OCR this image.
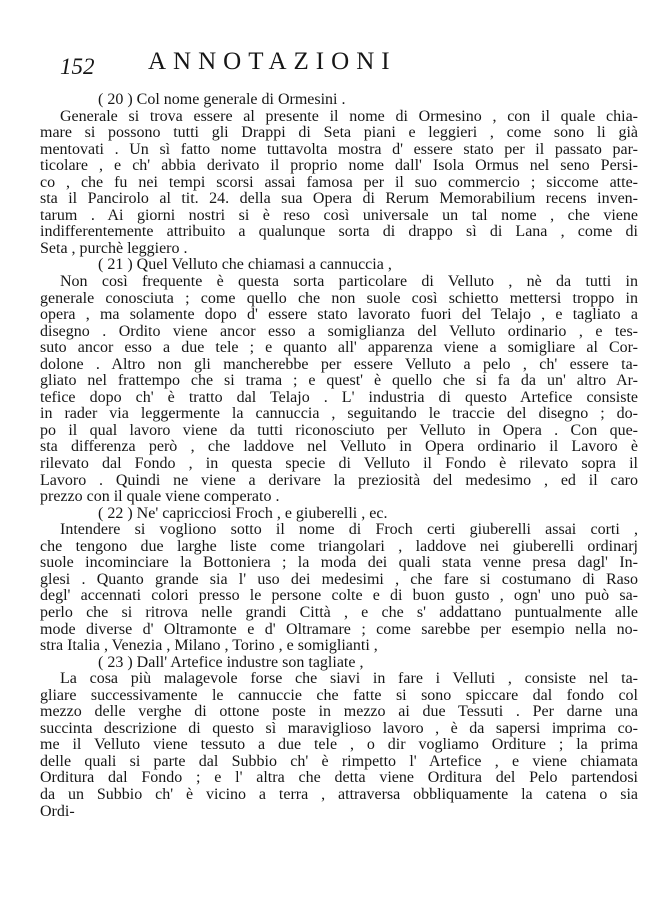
152 ANNOTAZIONI
( 20 ) Col nome generale di Ormesini .
Generale si trova essere al presente il nome di Ormesino , con il quale chia-
mare si possono tutti gli Drappi di Seta piani e leggieri , come sono li già
mentovati . Un sì fatto nome tuttavolta mostra d' essere stato per il passato par-
ticolare , e ch' abbia derivato il proprio nome dall' Isola Ormus nel seno Persi-
co , che fu nei tempi scorsi assai famosa per il suo commercio ; siccome atte-
sta il Pancirolo al tit. 24. della sua Opera di Rerum Memorabilium recens inven-
tarum . Ai giorni nostri si è reso così universale un tal nome , che viene
indifferentemente attribuito a qualunque sorta di drappo sì di Lana , come di
Seta , purchè leggiero .
( 21 ) Quel Velluto che chiamasi a cannuccia ,
Non così frequente è questa sorta particolare di Velluto , nè da tutti in
generale conosciuta ; come quello che non suole così schietto mettersi troppo in
opera , ma solamente dopo d' essere stato lavorato fuori del Telajo , e tagliato a
disegno . Ordito viene ancor esso a somiglianza del Velluto ordinario , e tes-
suto ancor esso a due tele ; e quanto all' apparenza viene a somigliare al Cor-
dolone . Altro non gli mancherebbe per essere Velluto a pelo , ch' essere ta-
gliato nel frattempo che si trama ; e quest' è quello che si fa da un' altro Ar-
tefice dopo ch' è tratto dal Telajo . L' industria di questo Artefice consiste
in rader via leggermente la cannuccia , seguitando le traccie del disegno ; do-
po il qual lavoro viene da tutti riconosciuto per Velluto in Opera . Con que-
sta differenza però , che laddove nel Velluto in Opera ordinario il Lavoro è
rilevato dal Fondo , in questa specie di Velluto il Fondo è rilevato sopra il
Lavoro . Quindi ne viene a derivare la preziosità del medesimo , ed il caro
prezzo con il quale viene comperato .
( 22 ) Ne' capricciosi Froch , e giuberelli , ec.
Intendere si vogliono sotto il nome di Froch certi giuberelli assai corti ,
che tengono due larghe liste come triangolari , laddove nei giuberelli ordinarj
suole incominciare la Bottoniera ; la moda dei quali stata venne presa dagl' In-
glesi . Quanto grande sia l' uso dei medesimi , che fare si costumano di Raso
degl' accennati colori presso le persone colte e di buon gusto , ogn' uno può sa-
perlo che si ritrova nelle grandi Città , e che s' addattano puntualmente alle
mode diverse d' Oltramonte e d' Oltramare ; come sarebbe per esempio nella no-
stra Italia , Venezia , Milano , Torino , e somiglianti ,
( 23 ) Dall' Artefice industre son tagliate ,
La cosa più malagevole forse che siavi in fare i Velluti , consiste nel ta-
gliare successivamente le cannuccie che fatte si sono spiccare dal fondo col
mezzo delle verghe di ottone poste in mezzo ai due Tessuti . Per darne una
succinta descrizione di questo sì maraviglioso lavoro , è da sapersi imprima co-
me il Velluto viene tessuto a due tele , o dir vogliamo Orditure ; la prima
delle quali si parte dal Subbio ch' è rimpetto l' Artefice , e viene chiamata
Orditura dal Fondo ; e l' altra che detta viene Orditura del Pelo partendosi
da un Subbio ch' è vicino a terra , attraversa obbliquamente la catena o sia
Ordi-
